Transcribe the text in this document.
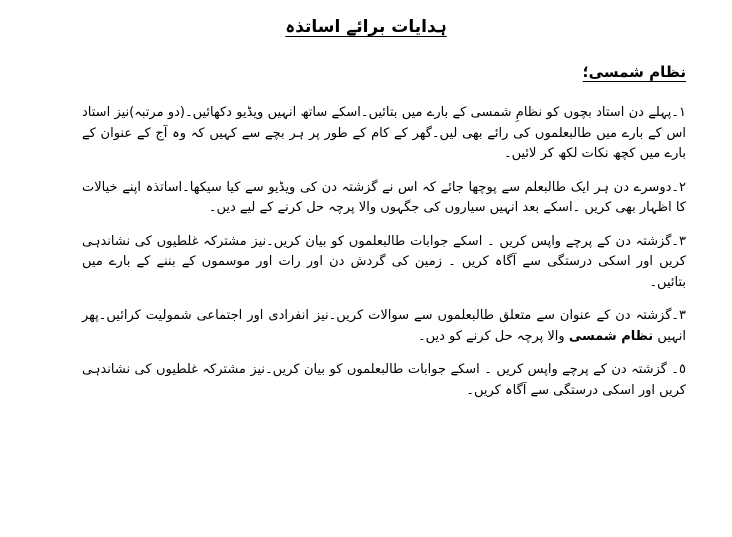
ہدایات برائے اساتذہ
نظام شمسی؛

١۔پہلے دن استاد بچوں کو نظامِ شمسی کے بارے میں بتائیں۔اسکے ساتھ انہیں ویڈیو دکھائیں۔(دو مرتبہ)نیز استاد اس کے بارے میں طالبعلموں کی رائے بھی لیں۔گھر کے کام کے طور پر ہر بچے سے کہیں کہ وہ آج کے عنوان کے بارے میں کچھ نکات لکھ کر لائیں۔

٢۔دوسرے دن ہر ایک طالبعلم سے پوچھا جائے کہ اس نے گزشتہ دن کی ویڈیو سے کیا سیکھا۔اساتذہ اپنے خیالات کا اظہار بھی کریں ۔اسکے بعد انہیں سیاروں کی جگہوں والا پرچہ حل کرنے کے لیے دیں۔

٣۔گزشتہ دن کے پرچے واپس کریں ۔ اسکے جوابات طالبعلموں کو بیان کریں۔نیز مشترکہ غلطیوں کی نشاندہی کریں اور اسکی درستگی سے آگاہ کریں ۔ زمین کی گردش دن اور رات اور موسموں کے بننے کے بارے میں بتائیں۔

٣۔گزشتہ دن کے عنوان سے متعلق طالبعلموں سے سوالات کریں۔نیز انفرادی اور اجتماعی شمولیت کرائیں۔پھر انہیں نظام شمسی والا پرچہ حل کرنے کو دیں۔

٥۔ گزشتہ دن کے پرچے واپس کریں ۔ اسکے جوابات طالبعلموں کو بیان کریں۔نیز مشترکہ غلطیوں کی نشاندہی کریں اور اسکی درستگی سے آگاہ کریں۔
